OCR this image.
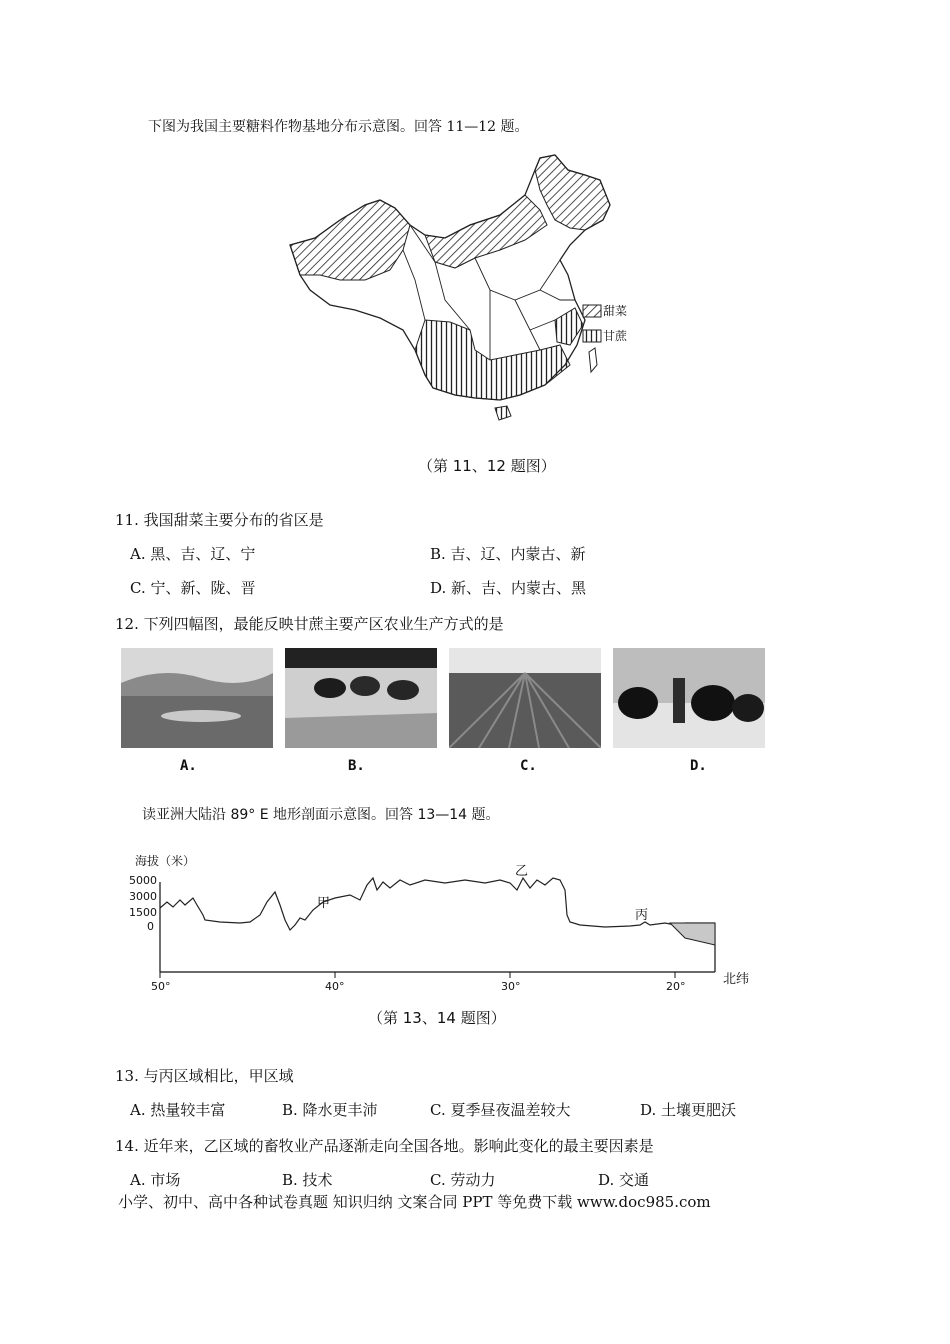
下图为我国主要糖料作物基地分布示意图。回答 11—12 题。
甜菜
甘蔗
（第 11、12 题图）
11. 我国甜菜主要分布的省区是
A. 黑、吉、辽、宁	B. 吉、辽、内蒙古、新
C. 宁、新、陇、晋	D. 新、吉、内蒙古、黑
12. 下列四幅图，最能反映甘蔗主要产区农业生产方式的是
A.	B.	C.	D.
读亚洲大陆沿 89° E 地形剖面示意图。回答 13—14 题。
海拔（米）
5000
3000
1500
0
50°	40°	30°	20°	北纬
甲
乙
丙
（第 13、14 题图）
13. 与丙区域相比，甲区域
A. 热量较丰富	B. 降水更丰沛	C. 夏季昼夜温差较大	D. 土壤更肥沃
14. 近年来，乙区域的畜牧业产品逐渐走向全国各地。影响此变化的最主要因素是
A. 市场	B. 技术	C. 劳动力	D. 交通
小学、初中、高中各种试卷真题 知识归纳 文案合同 PPT 等免费下载 www.doc985.com
